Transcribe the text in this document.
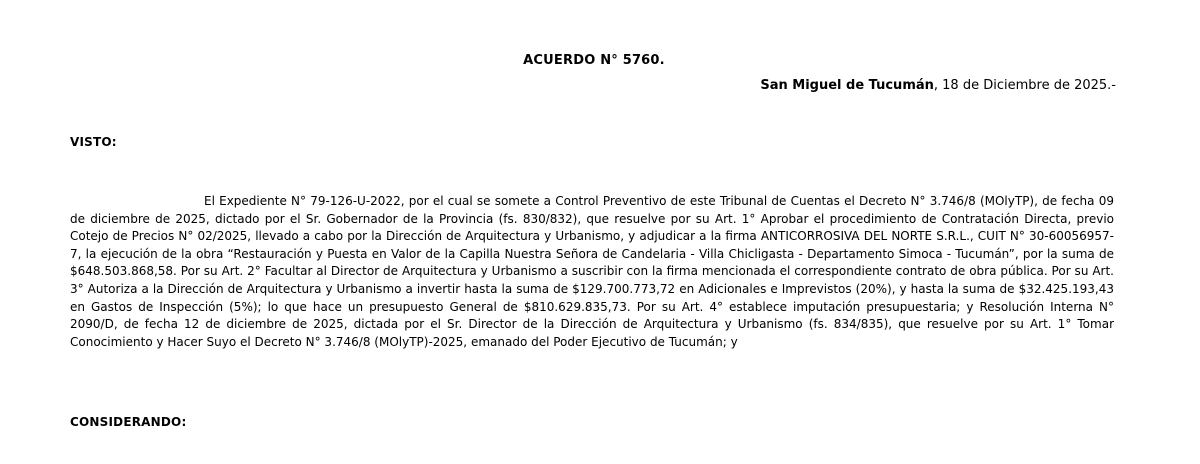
ACUERDO N° 5760.
San Miguel de Tucumán, 18 de Diciembre de 2025.-
VISTO:

El Expediente N° 79-126-U-2022, por el cual se somete a Control Preventivo de este Tribunal de Cuentas el Decreto N° 3.746/8 (MOlyTP), de fecha 09 de diciembre de 2025, dictado por el Sr. Gobernador de la Provincia (fs. 830/832), que resuelve por su Art. 1° Aprobar el procedimiento de Contratación Directa, previo Cotejo de Precios N° 02/2025, llevado a cabo por la Dirección de Arquitectura y Urbanismo, y adjudicar a la firma ANTICORROSIVA DEL NORTE S.R.L., CUIT N° 30-60056957-7, la ejecución de la obra “Restauración y Puesta en Valor de la Capilla Nuestra Señora de Candelaria - Villa Chicligasta - Departamento Simoca - Tucumán”, por la suma de $648.503.868,58. Por su Art. 2° Facultar al Director de Arquitectura y Urbanismo a suscribir con la firma mencionada el correspondiente contrato de obra pública. Por su Art. 3° Autoriza a la Dirección de Arquitectura y Urbanismo a invertir hasta la suma de $129.700.773,72 en Adicionales e Imprevistos (20%), y hasta la suma de $32.425.193,43 en Gastos de Inspección (5%); lo que hace un presupuesto General de $810.629.835,73. Por su Art. 4° establece imputación presupuestaria; y Resolución Interna N° 2090/D, de fecha 12 de diciembre de 2025, dictada por el Sr. Director de la Dirección de Arquitectura y Urbanismo (fs. 834/835), que resuelve por su Art. 1° Tomar Conocimiento y Hacer Suyo el Decreto N° 3.746/8 (MOlyTP)-2025, emanado del Poder Ejecutivo de Tucumán; y

CONSIDERANDO:
